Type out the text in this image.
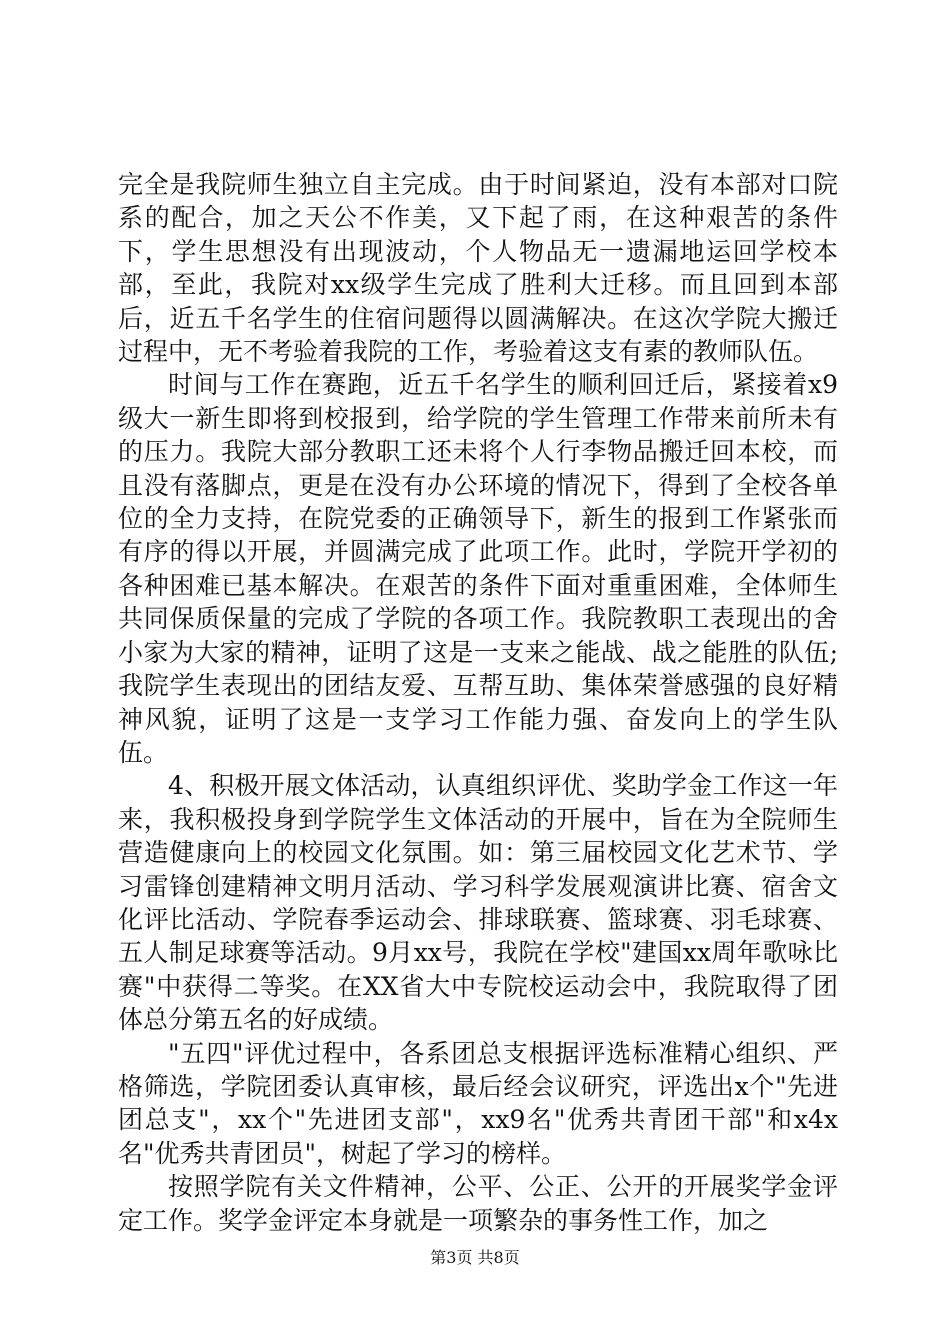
完全是我院师生独立自主完成。由于时间紧迫，没有本部对口院系的配合，加之天公不作美，又下起了雨，在这种艰苦的条件下，学生思想没有出现波动，个人物品无一遗漏地运回学校本部，至此，我院对xx级学生完成了胜利大迁移。而且回到本部后，近五千名学生的住宿问题得以圆满解决。在这次学院大搬迁过程中，无不考验着我院的工作，考验着这支有素的教师队伍。

时间与工作在赛跑，近五千名学生的顺利回迁后，紧接着x9级大一新生即将到校报到，给学院的学生管理工作带来前所未有的压力。我院大部分教职工还未将个人行李物品搬迁回本校，而且没有落脚点，更是在没有办公环境的情况下，得到了全校各单位的全力支持，在院党委的正确领导下，新生的报到工作紧张而有序的得以开展，并圆满完成了此项工作。此时，学院开学初的各种困难已基本解决。在艰苦的条件下面对重重困难，全体师生共同保质保量的完成了学院的各项工作。我院教职工表现出的舍小家为大家的精神，证明了这是一支来之能战、战之能胜的队伍;我院学生表现出的团结友爱、互帮互助、集体荣誉感强的良好精神风貌，证明了这是一支学习工作能力强、奋发向上的学生队伍。

4、积极开展文体活动，认真组织评优、奖助学金工作这一年来，我积极投身到学院学生文体活动的开展中，旨在为全院师生营造健康向上的校园文化氛围。如：第三届校园文化艺术节、学习雷锋创建精神文明月活动、学习科学发展观演讲比赛、宿舍文化评比活动、学院春季运动会、排球联赛、篮球赛、羽毛球赛、五人制足球赛等活动。9月xx号，我院在学校"建国xx周年歌咏比赛"中获得二等奖。在XX省大中专院校运动会中，我院取得了团体总分第五名的好成绩。

"五四"评优过程中，各系团总支根据评选标准精心组织、严格筛选，学院团委认真审核，最后经会议研究，评选出x个"先进团总支"，xx个"先进团支部"，xx9名"优秀共青团干部"和x4x名"优秀共青团员"，树起了学习的榜样。

按照学院有关文件精神，公平、公正、公开的开展奖学金评定工作。奖学金评定本身就是一项繁杂的事务性工作，加之

第3页 共8页
